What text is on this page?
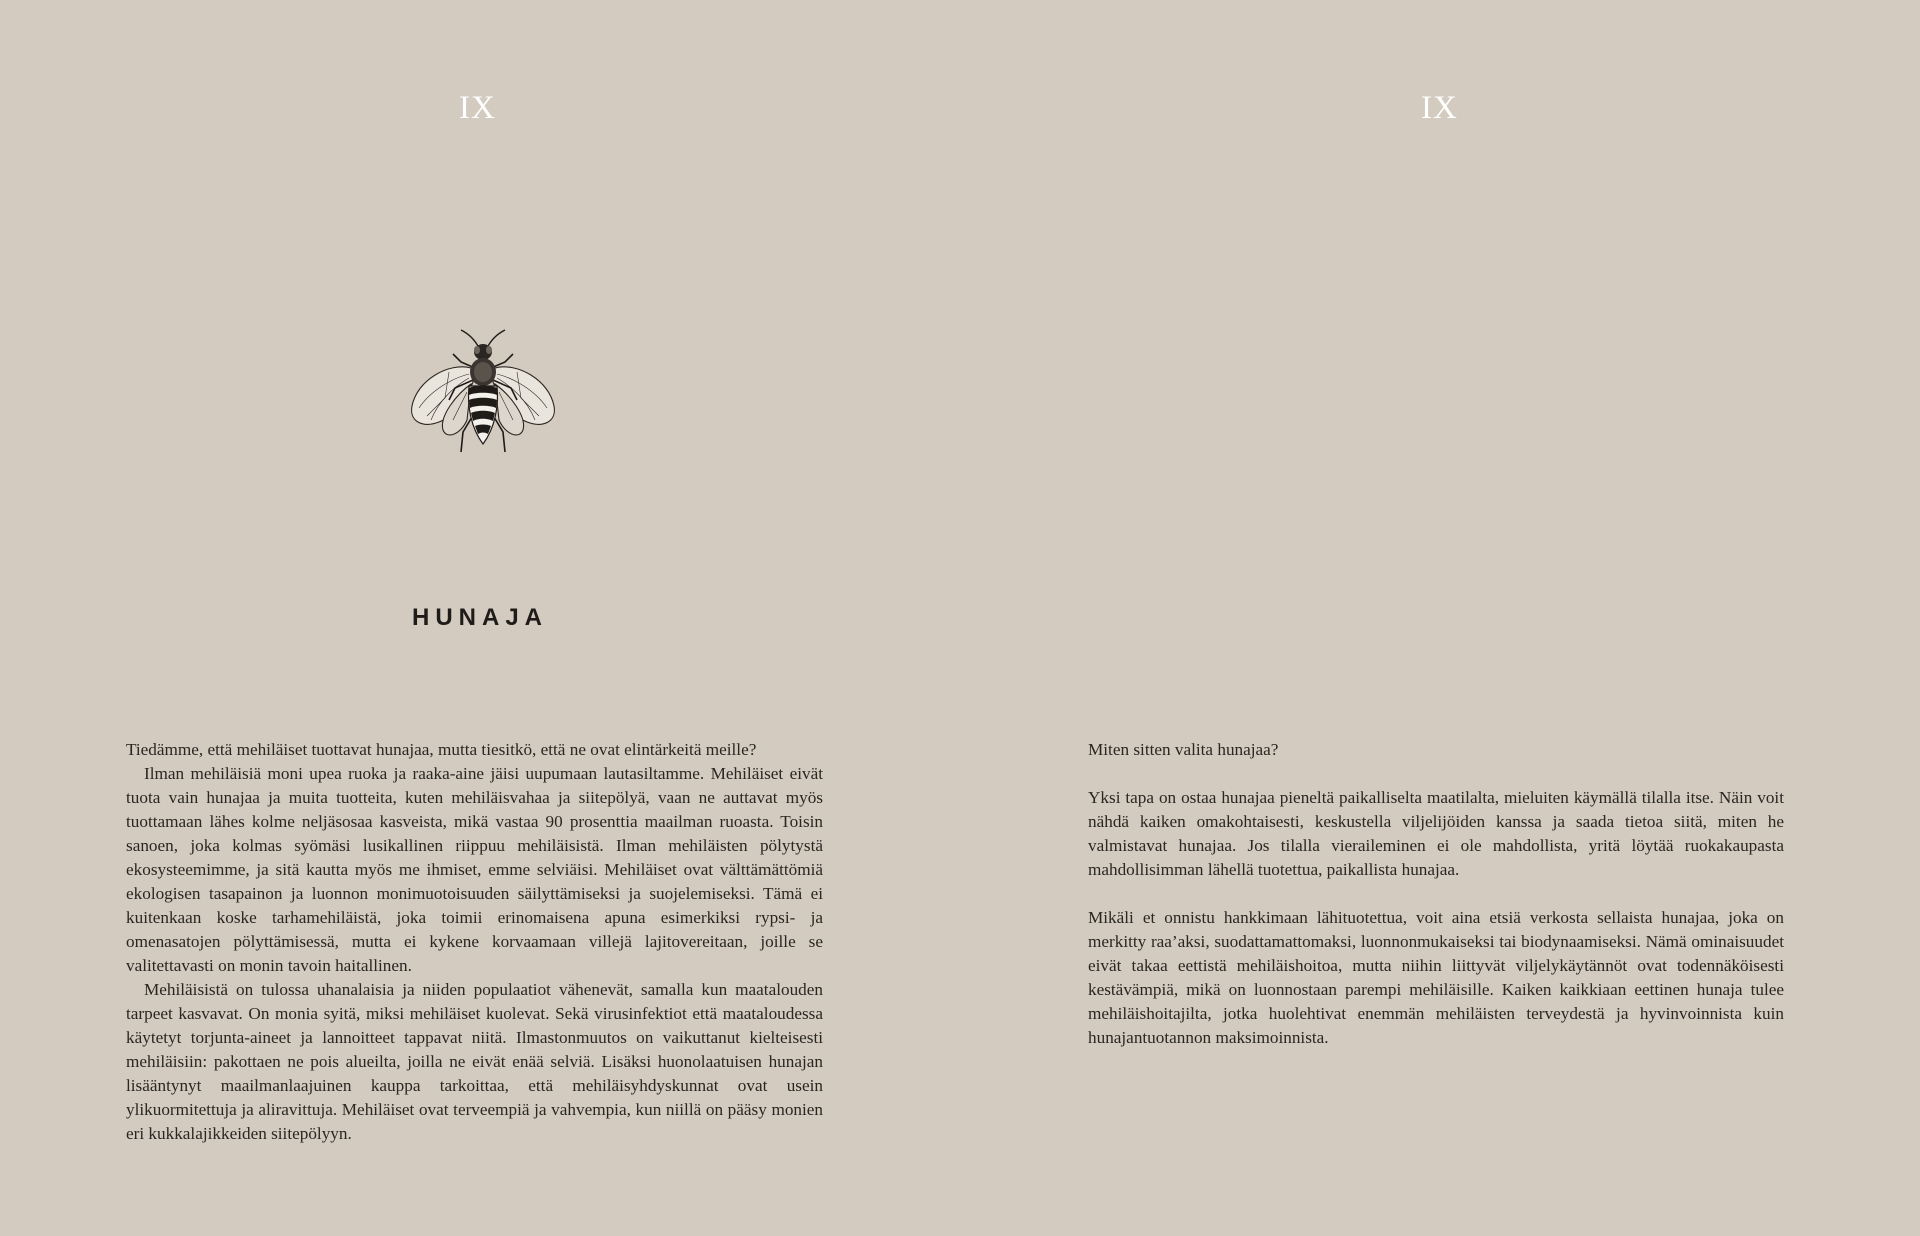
IX
HUNAJA

Tiedämme, että mehiläiset tuottavat hunajaa, mutta tiesitkö, että ne ovat elintärkeitä meille?

Ilman mehiläisiä moni upea ruoka ja raaka-aine jäisi uupumaan lautasiltamme. Mehiläiset eivät tuota vain hunajaa ja muita tuotteita, kuten mehiläisvahaa ja siitepölyä, vaan ne auttavat myös tuottamaan lähes kolme neljäsosaa kasveista, mikä vastaa 90 prosenttia maailman ruoasta. Toisin sanoen, joka kolmas syömäsi lusikallinen riippuu mehiläisistä. Ilman mehiläisten pölytystä ekosysteemimme, ja sitä kautta myös me ihmiset, emme selviäisi. Mehiläiset ovat välttämättömiä ekologisen tasapainon ja luonnon monimuotoisuuden säilyttämiseksi ja suojelemiseksi. Tämä ei kuitenkaan koske tarhamehiläistä, joka toimii erinomaisena apuna esimerkiksi rypsi- ja omenasatojen pölyttämisessä, mutta ei kykene korvaamaan villejä lajitovereitaan, joille se valitettavasti on monin tavoin haitallinen.

Mehiläisistä on tulossa uhanalaisia ja niiden populaatiot vähenevät, samalla kun maatalouden tarpeet kasvavat. On monia syitä, miksi mehiläiset kuolevat. Sekä virusinfektiot että maataloudessa käytetyt torjunta-aineet ja lannoitteet tappavat niitä. Ilmastonmuutos on vaikuttanut kielteisesti mehiläisiin: pakottaen ne pois alueilta, joilla ne eivät enää selviä. Lisäksi huonolaatuisen hunajan lisääntynyt maailmanlaajuinen kauppa tarkoittaa, että mehiläisyhdyskunnat ovat usein ylikuormitettuja ja aliravittuja. Mehiläiset ovat terveempiä ja vahvempia, kun niillä on pääsy monien eri kukkalajikkeiden siitepölyyn.

IX

Miten sitten valita hunajaa?

Yksi tapa on ostaa hunajaa pieneltä paikalliselta maatilalta, mieluiten käymällä tilalla itse. Näin voit nähdä kaiken omakohtaisesti, keskustella viljelijöiden kanssa ja saada tietoa siitä, miten he valmistavat hunajaa. Jos tilalla vieraileminen ei ole mahdollista, yritä löytää ruokakaupasta mahdollisimman lähellä tuotettua, paikallista hunajaa.

Mikäli et onnistu hankkimaan lähituotettua, voit aina etsiä verkosta sellaista hunajaa, joka on merkitty raa’aksi, suodattamattomaksi, luonnonmukaiseksi tai biodynaamiseksi. Nämä ominaisuudet eivät takaa eettistä mehiläishoitoa, mutta niihin liittyvät viljelykäytännöt ovat todennäköisesti kestävämpiä, mikä on luonnostaan parempi mehiläisille. Kaiken kaikkiaan eettinen hunaja tulee mehiläishoitajilta, jotka huolehtivat enemmän mehiläisten terveydestä ja hyvinvoinnista kuin hunajantuotannon maksimoinnista.
